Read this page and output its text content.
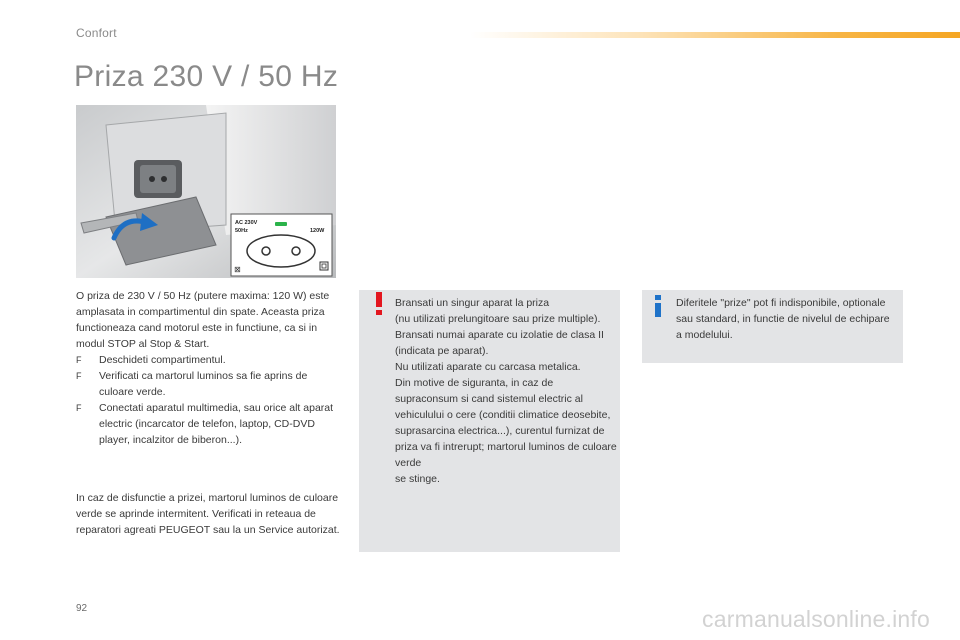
Confort
Priza 230 V / 50 Hz
AC 230V
50Hz	120W
⊠

O priza de 230 V / 50 Hz (putere maxima: 120 W) este amplasata in compartimentul din spate. Aceasta priza functioneaza cand motorul este in functiune, ca si in modul STOP al Stop & Start.

F Deschideti compartimentul.
F Verificati ca martorul luminos sa fie aprins de culoare verde.
F Conectati aparatul multimedia, sau orice alt aparat electric (incarcator de telefon, laptop, CD-DVD player, incalzitor de biberon...).

In caz de disfunctie a prizei, martorul luminos de culoare verde se aprinde intermitent. Verificati in reteaua de reparatori agreati PEUGEOT sau la un Service autorizat.

Bransati un singur aparat la priza
(nu utilizati prelungitoare sau prize multiple).
Bransati numai aparate cu izolatie de clasa II (indicata pe aparat).
Nu utilizati aparate cu carcasa metalica.
Din motive de siguranta, in caz de supraconsum si cand sistemul electric al vehiculului o cere (conditii climatice deosebite, suprasarcina electrica...), curentul furnizat de priza va fi intrerupt; martorul luminos de culoare verde
se stinge.

Diferitele "prize" pot fi indisponibile, optionale sau standard, in functie de nivelul de echipare a modelului.

92	carmanualsonline.info
